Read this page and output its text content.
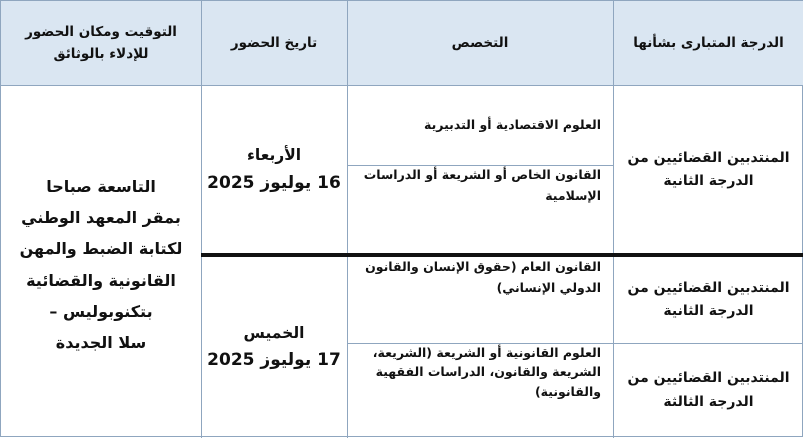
الدرجة المتبارى بشأنها
التخصص
تاريخ الحضور
التوقيت ومكان الحضور
للإدلاء بالوثائق
المنتدبين القضائيين من
الدرجة الثانية
العلوم الاقتصادية أو التدبيرية
القانون الخاص أو الشريعة أو الدراسات
الإسلامية
الأربعاء
16 يوليوز 2025
المنتدبين القضائيين من
الدرجة الثانية
المنتدبين القضائيين من
الدرجة الثالثة
القانون العام (حقوق الإنسان والقانون
الدولي الإنساني)
العلوم القانونية أو الشريعة (الشريعة،
الشريعة والقانون، الدراسات الفقهية
والقانونية)
الخميس
17 يوليوز 2025
التاسعة صباحا
بمقر المعهد الوطني
لكتابة الضبط والمهن
القانونية والقضائية
بتكنوبوليس –
سلا الجديدة
